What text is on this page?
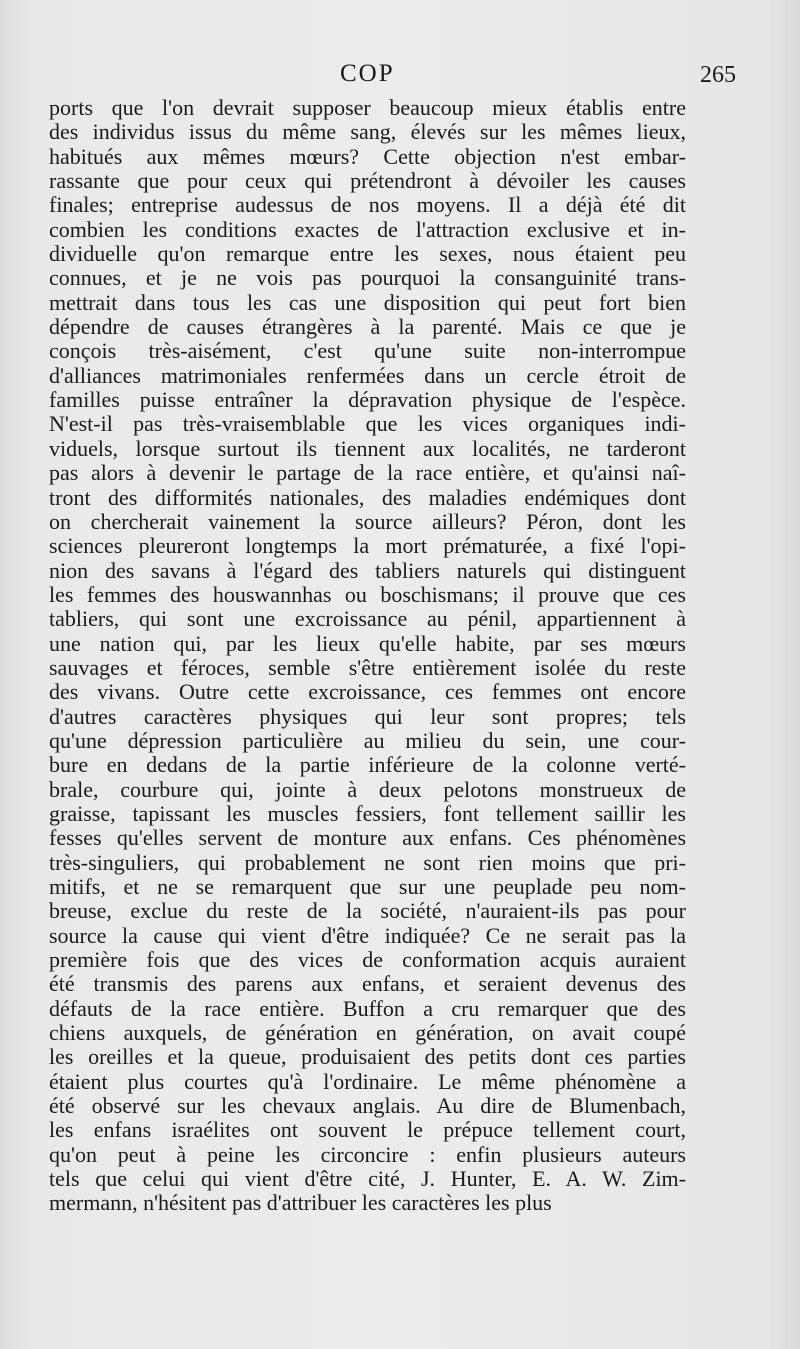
COP	265
ports que l'on devrait supposer beaucoup mieux établis entre
des individus issus du même sang, élevés sur les mêmes lieux,
habitués aux mêmes mœurs? Cette objection n'est embar-
rassante que pour ceux qui prétendront à dévoiler les causes
finales; entreprise audessus de nos moyens. Il a déjà été dit
combien les conditions exactes de l'attraction exclusive et in-
dividuelle qu'on remarque entre les sexes, nous étaient peu
connues, et je ne vois pas pourquoi la consanguinité trans-
mettrait dans tous les cas une disposition qui peut fort bien
dépendre de causes étrangères à la parenté. Mais ce que je
conçois très-aisément, c'est qu'une suite non-interrompue
d'alliances matrimoniales renfermées dans un cercle étroit de
familles puisse entraîner la dépravation physique de l'espèce.
N'est-il pas très-vraisemblable que les vices organiques indi-
viduels, lorsque surtout ils tiennent aux localités, ne tarderont
pas alors à devenir le partage de la race entière, et qu'ainsi naî-
tront des difformités nationales, des maladies endémiques dont
on chercherait vainement la source ailleurs? Péron, dont les
sciences pleureront longtemps la mort prématurée, a fixé l'opi-
nion des savans à l'égard des tabliers naturels qui distinguent
les femmes des houswannhas ou boschismans; il prouve que ces
tabliers, qui sont une excroissance au pénil, appartiennent à
une nation qui, par les lieux qu'elle habite, par ses mœurs
sauvages et féroces, semble s'être entièrement isolée du reste
des vivans. Outre cette excroissance, ces femmes ont encore
d'autres caractères physiques qui leur sont propres; tels
qu'une dépression particulière au milieu du sein, une cour-
bure en dedans de la partie inférieure de la colonne verté-
brale, courbure qui, jointe à deux pelotons monstrueux de
graisse, tapissant les muscles fessiers, font tellement saillir les
fesses qu'elles servent de monture aux enfans. Ces phénomènes
très-singuliers, qui probablement ne sont rien moins que pri-
mitifs, et ne se remarquent que sur une peuplade peu nom-
breuse, exclue du reste de la société, n'auraient-ils pas pour
source la cause qui vient d'être indiquée? Ce ne serait pas la
première fois que des vices de conformation acquis auraient
été transmis des parens aux enfans, et seraient devenus des
défauts de la race entière. Buffon a cru remarquer que des
chiens auxquels, de génération en génération, on avait coupé
les oreilles et la queue, produisaient des petits dont ces parties
étaient plus courtes qu'à l'ordinaire. Le même phénomène a
été observé sur les chevaux anglais. Au dire de Blumenbach,
les enfans israélites ont souvent le prépuce tellement court,
qu'on peut à peine les circoncire : enfin plusieurs auteurs
tels que celui qui vient d'être cité, J. Hunter, E. A. W. Zim-
mermann, n'hésitent pas d'attribuer les caractères les plus
